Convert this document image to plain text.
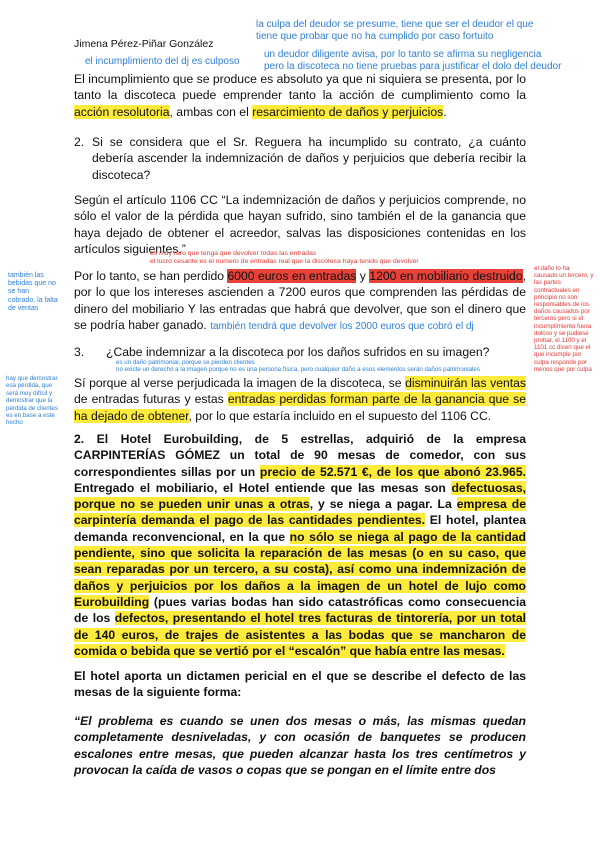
Jimena Pérez-Piñar González
el incumplimiento del dj es culposo
la culpa del deudor se presume, tiene que ser el deudor el que
tiene que probar que no ha cumplido por caso fortuito
un deudor diligente avisa, por lo tanto se afirma su negligencia
pero la discoteca no tiene pruebas para justificar el dolo del deudor
El incumplimiento que se produce es absoluto ya que ni siquiera se presenta, por lo tanto la discoteca puede emprender tanto la acción de cumplimiento como la acción resolutoria, ambas con el resarcimiento de daños y perjuicios.
2. Si se considera que el Sr. Reguera ha incumplido su contrato, ¿a cuánto debería ascender la indemnización de daños y perjuicios que debería recibir la discoteca?
Según el artículo 1106 CC “La indemnización de daños y perjuicios comprende, no sólo el valor de la pérdida que hayan sufrido, sino también el de la ganancia que haya dejado de obtener el acreedor, salvas las disposiciones contenidas en los artículos siguientes.”
es muy raro que tenga que devolver todas las entradas
el lucro cesante es el numero de entradas real que la discoteca haya tenido que devolver
el daño lo ha causado un tercero, y las partes contractuales en principio no son responsables de los daños causados por terceros pero si el incumplimiento fuera doloso y se pudiese probar, el 1100 y el 1101 cc dicen que el que incumple por culpa responde por menos que por culpa
también las bebidas que no se han cobrado, la falta de ventas
hay que demostrar esa pérdida, que será muy difícil y demostrar que la pérdida de clientes es en base a este hecho
Por lo tanto, se han perdido 6000 euros en entradas y 1200 en mobiliario destruido, por lo que los intereses ascienden a 7200 euros que comprenden las pérdidas de dinero del mobiliario Y las entradas que habrá que devolver, que son el dinero que se podría haber ganado. también tendrá que devolver los 2000 euros que cobró el dj
3.	¿Cabe indemnizar a la discoteca por los daños sufridos en su imagen?
es un daño patrimonial, porque se pierden clientes
no existe un derecho a la imagen porque no es una persona física, pero cualquier daño a esos elementos serán daños patrimoniales
Sí porque al verse perjudicada la imagen de la discoteca, se disminuirán las ventas de entradas futuras y estas entradas perdidas forman parte de la ganancia que se ha dejado de obtener, por lo que estaría incluido en el supuesto del 1106 CC.
2. El Hotel Eurobuilding, de 5 estrellas, adquirió de la empresa CARPINTERÍAS GÓMEZ un total de 90 mesas de comedor, con sus correspondientes sillas por un precio de 52.571 €, de los que abonó 23.965. Entregado el mobiliario, el Hotel entiende que las mesas son defectuosas, porque no se pueden unir unas a otras, y se niega a pagar. La empresa de carpintería demanda el pago de las cantidades pendientes. El hotel, plantea demanda reconvencional, en la que no sólo se niega al pago de la cantidad pendiente, sino que solicita la reparación de las mesas (o en su caso, que sean reparadas por un tercero, a su costa), así como una indemnización de daños y perjuicios por los daños a la imagen de un hotel de lujo como Eurobuilding (pues varias bodas han sido catastróficas como consecuencia de los defectos, presentando el hotel tres facturas de tintorería, por un total de 140 euros, de trajes de asistentes a las bodas que se mancharon de comida o bebida que se vertió por el “escalón” que había entre las mesas.
El hotel aporta un dictamen pericial en el que se describe el defecto de las mesas de la siguiente forma:
“El problema es cuando se unen dos mesas o más, las mismas quedan completamente desniveladas, y con ocasión de banquetes se producen escalones entre mesas, que pueden alcanzar hasta los tres centímetros y provocan la caída de vasos o copas que se pongan en el límite entre dos
